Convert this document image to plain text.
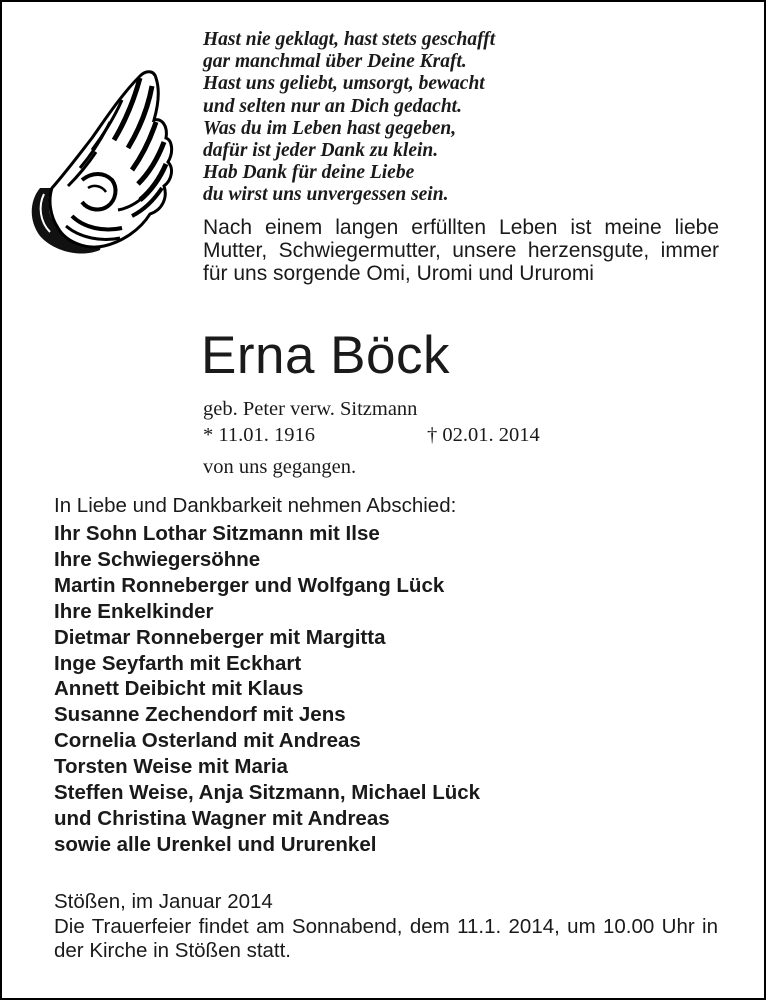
Hast nie geklagt, hast stets geschafft
gar manchmal über Deine Kraft.
Hast uns geliebt, umsorgt, bewacht
und selten nur an Dich gedacht.
Was du im Leben hast gegeben,
dafür ist jeder Dank zu klein.
Hab Dank für deine Liebe
du wirst uns unvergessen sein.
Nach einem langen erfüllten Leben ist meine liebe Mutter, Schwiegermutter, unsere herzensgute, immer für uns sorgende Omi, Uromi und Ururomi
Erna Böck
geb. Peter verw. Sitzmann
* 11.01. 1916	† 02.01. 2014
von uns gegangen.
In Liebe und Dankbarkeit nehmen Abschied:
Ihr Sohn Lothar Sitzmann mit Ilse
Ihre Schwiegersöhne
Martin Ronneberger und Wolfgang Lück
Ihre Enkelkinder
Dietmar Ronneberger mit Margitta
Inge Seyfarth mit Eckhart
Annett Deibicht mit Klaus
Susanne Zechendorf mit Jens
Cornelia Osterland mit Andreas
Torsten Weise mit Maria
Steffen Weise, Anja Sitzmann, Michael Lück
und Christina Wagner mit Andreas
sowie alle Urenkel und Ururenkel
Stößen, im Januar 2014
Die Trauerfeier findet am Sonnabend, dem 11.1. 2014, um 10.00 Uhr in der Kirche in Stößen statt.
